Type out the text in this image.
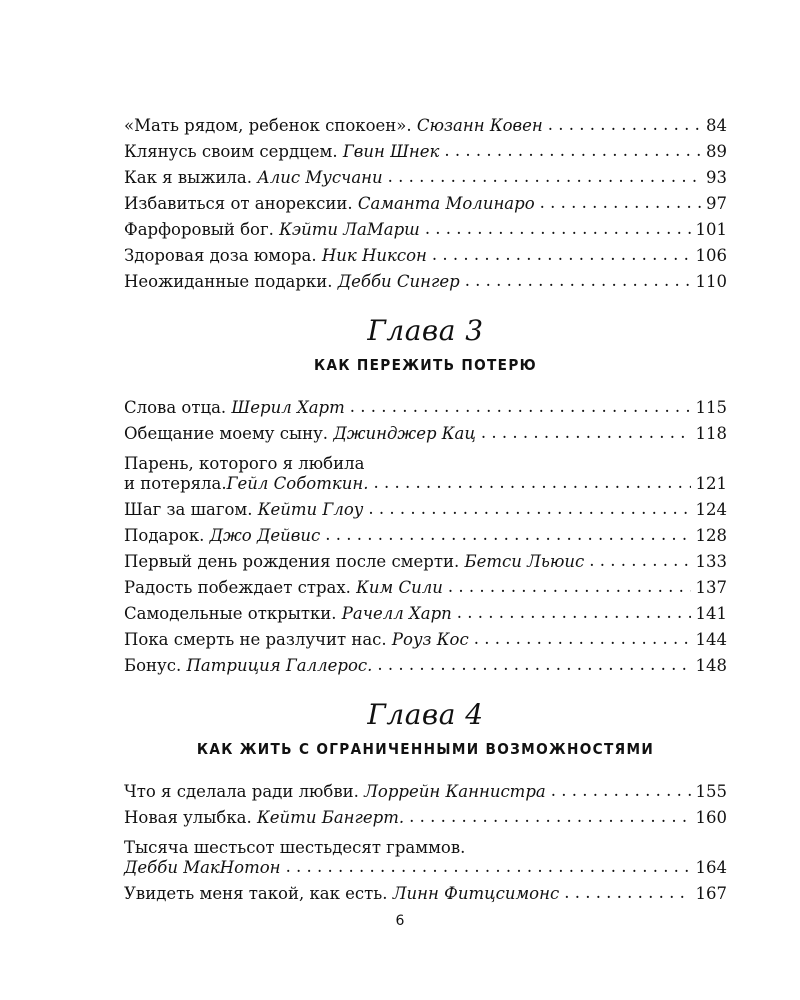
«Мать рядом, ребенок спокоен». Сюзанн Ковен . . .	84
Клянусь своим сердцем. Гвин Шнек . . .	89
Как я выжила. Алис Мусчани . . .	93
Избавиться от анорексии. Саманта Молинаро . . .	97
Фарфоровый бог. Кэйти ЛаМарш . . .	101
Здоровая доза юмора. Ник Никсон . . .	106
Неожиданные подарки. Дебби Сингер . . .	110
Глава 3
КАК ПЕРЕЖИТЬ ПОТЕРЮ
Слова отца. Шерил Харт . . .	115
Обещание моему сыну. Джинджер Кац . . .	118
Парень, которого я любила
и потеряла.Гейл Соботкин. . . .	121
Шаг за шагом. Кейти Глоу . . .	124
Подарок. Джо Дейвис . . .	128
Первый день рождения после смерти. Бетси Льюис . . .	133
Радость побеждает страх. Ким Сили . . .	137
Самодельные открытки. Рачелл Харп . . .	141
Пока смерть не разлучит нас. Роуз Кос . . .	144
Бонус. Патриция Галлерос. . . .	148
Глава 4
КАК ЖИТЬ С ОГРАНИЧЕННЫМИ ВОЗМОЖНОСТЯМИ
Что я сделала ради любви. Лоррейн Каннистра . . .	155
Новая улыбка. Кейти Бангерт. . . .	160
Тысяча шестьсот шестьдесят граммов.
Дебби МакНотон . . .	164
Увидеть меня такой, как есть. Линн Фитцсимонс . . .	167
6
